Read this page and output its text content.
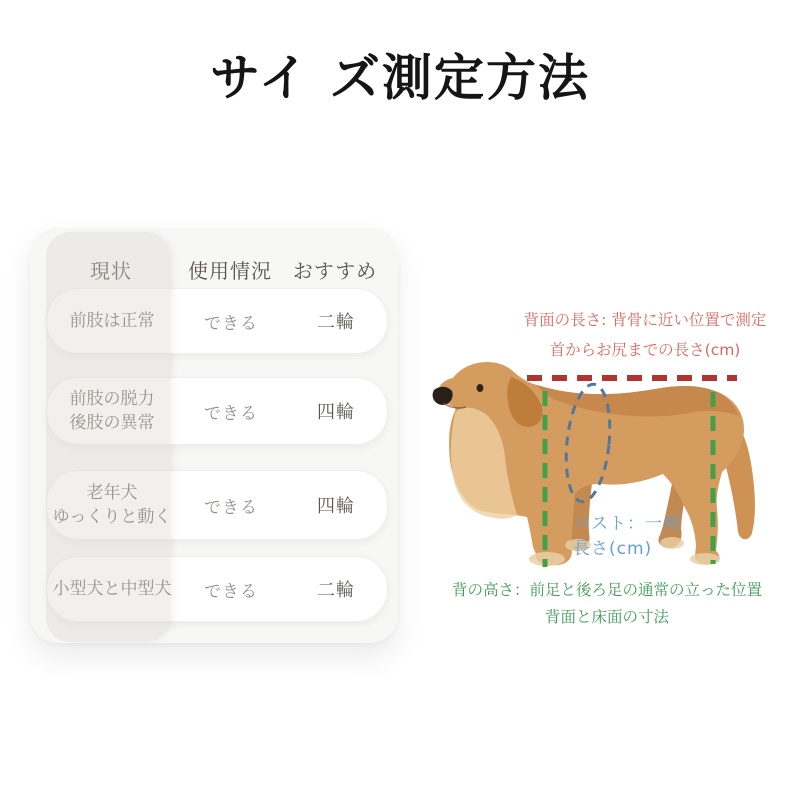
サイ ズ測定方法
現状	使用情況	おすすめ
前肢は正常	できる	二輪
前肢の脱力
後肢の異常	できる	四輪
老年犬
ゆっくりと動く	できる	四輪
小型犬と中型犬	できる	二輪
背面の長さ: 背骨に近い位置で測定
首からお尻までの長さ(cm)
バスト：一周
長さ(cm)
背の高さ：前足と後ろ足の通常の立った位置
背面と床面の寸法
